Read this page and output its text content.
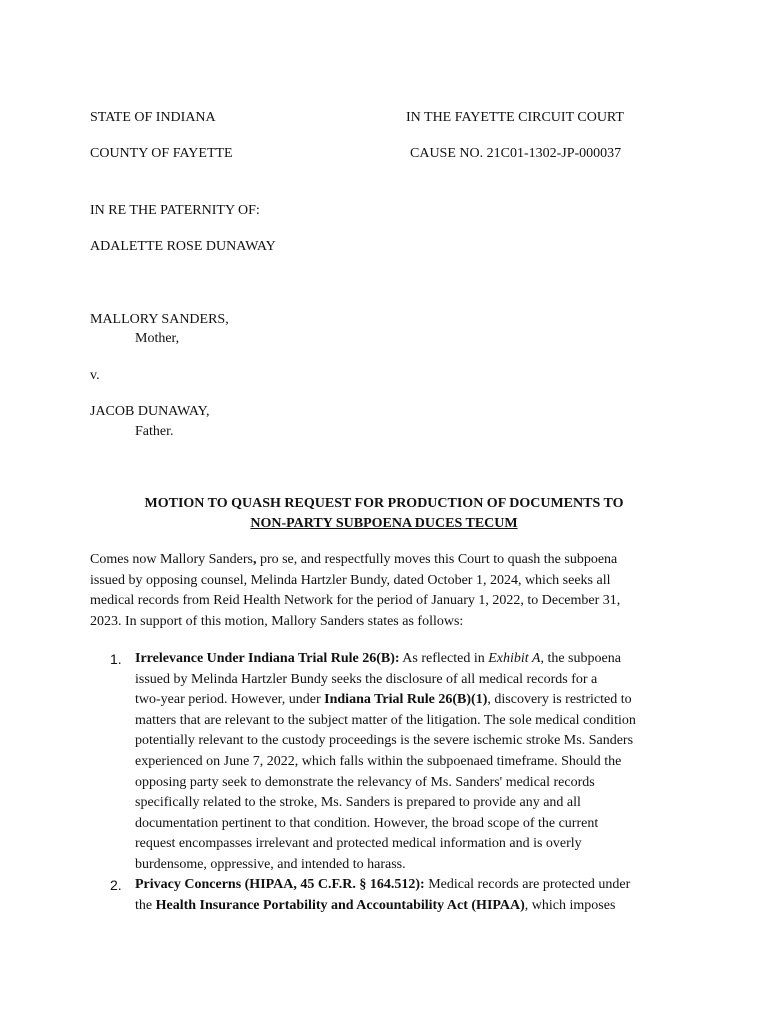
STATE OF INDIANA	IN THE FAYETTE CIRCUIT COURT
COUNTY OF FAYETTE	CAUSE NO. 21C01-1302-JP-000037
IN RE THE PATERNITY OF:
ADALETTE ROSE DUNAWAY
MALLORY SANDERS,
Mother,
v.
JACOB DUNAWAY,
Father.
MOTION TO QUASH REQUEST FOR PRODUCTION OF DOCUMENTS TO
NON-PARTY SUBPOENA DUCES TECUM
Comes now Mallory Sanders, pro se, and respectfully moves this Court to quash the subpoena
issued by opposing counsel, Melinda Hartzler Bundy, dated October 1, 2024, which seeks all
medical records from Reid Health Network for the period of January 1, 2022, to December 31,
2023. In support of this motion, Mallory Sanders states as follows:
1. Irrelevance Under Indiana Trial Rule 26(B): As reflected in Exhibit A, the subpoena
issued by Melinda Hartzler Bundy seeks the disclosure of all medical records for a
two-year period. However, under Indiana Trial Rule 26(B)(1), discovery is restricted to
matters that are relevant to the subject matter of the litigation. The sole medical condition
potentially relevant to the custody proceedings is the severe ischemic stroke Ms. Sanders
experienced on June 7, 2022, which falls within the subpoenaed timeframe. Should the
opposing party seek to demonstrate the relevancy of Ms. Sanders' medical records
specifically related to the stroke, Ms. Sanders is prepared to provide any and all
documentation pertinent to that condition. However, the broad scope of the current
request encompasses irrelevant and protected medical information and is overly
burdensome, oppressive, and intended to harass.
2. Privacy Concerns (HIPAA, 45 C.F.R. § 164.512): Medical records are protected under
the Health Insurance Portability and Accountability Act (HIPAA), which imposes
